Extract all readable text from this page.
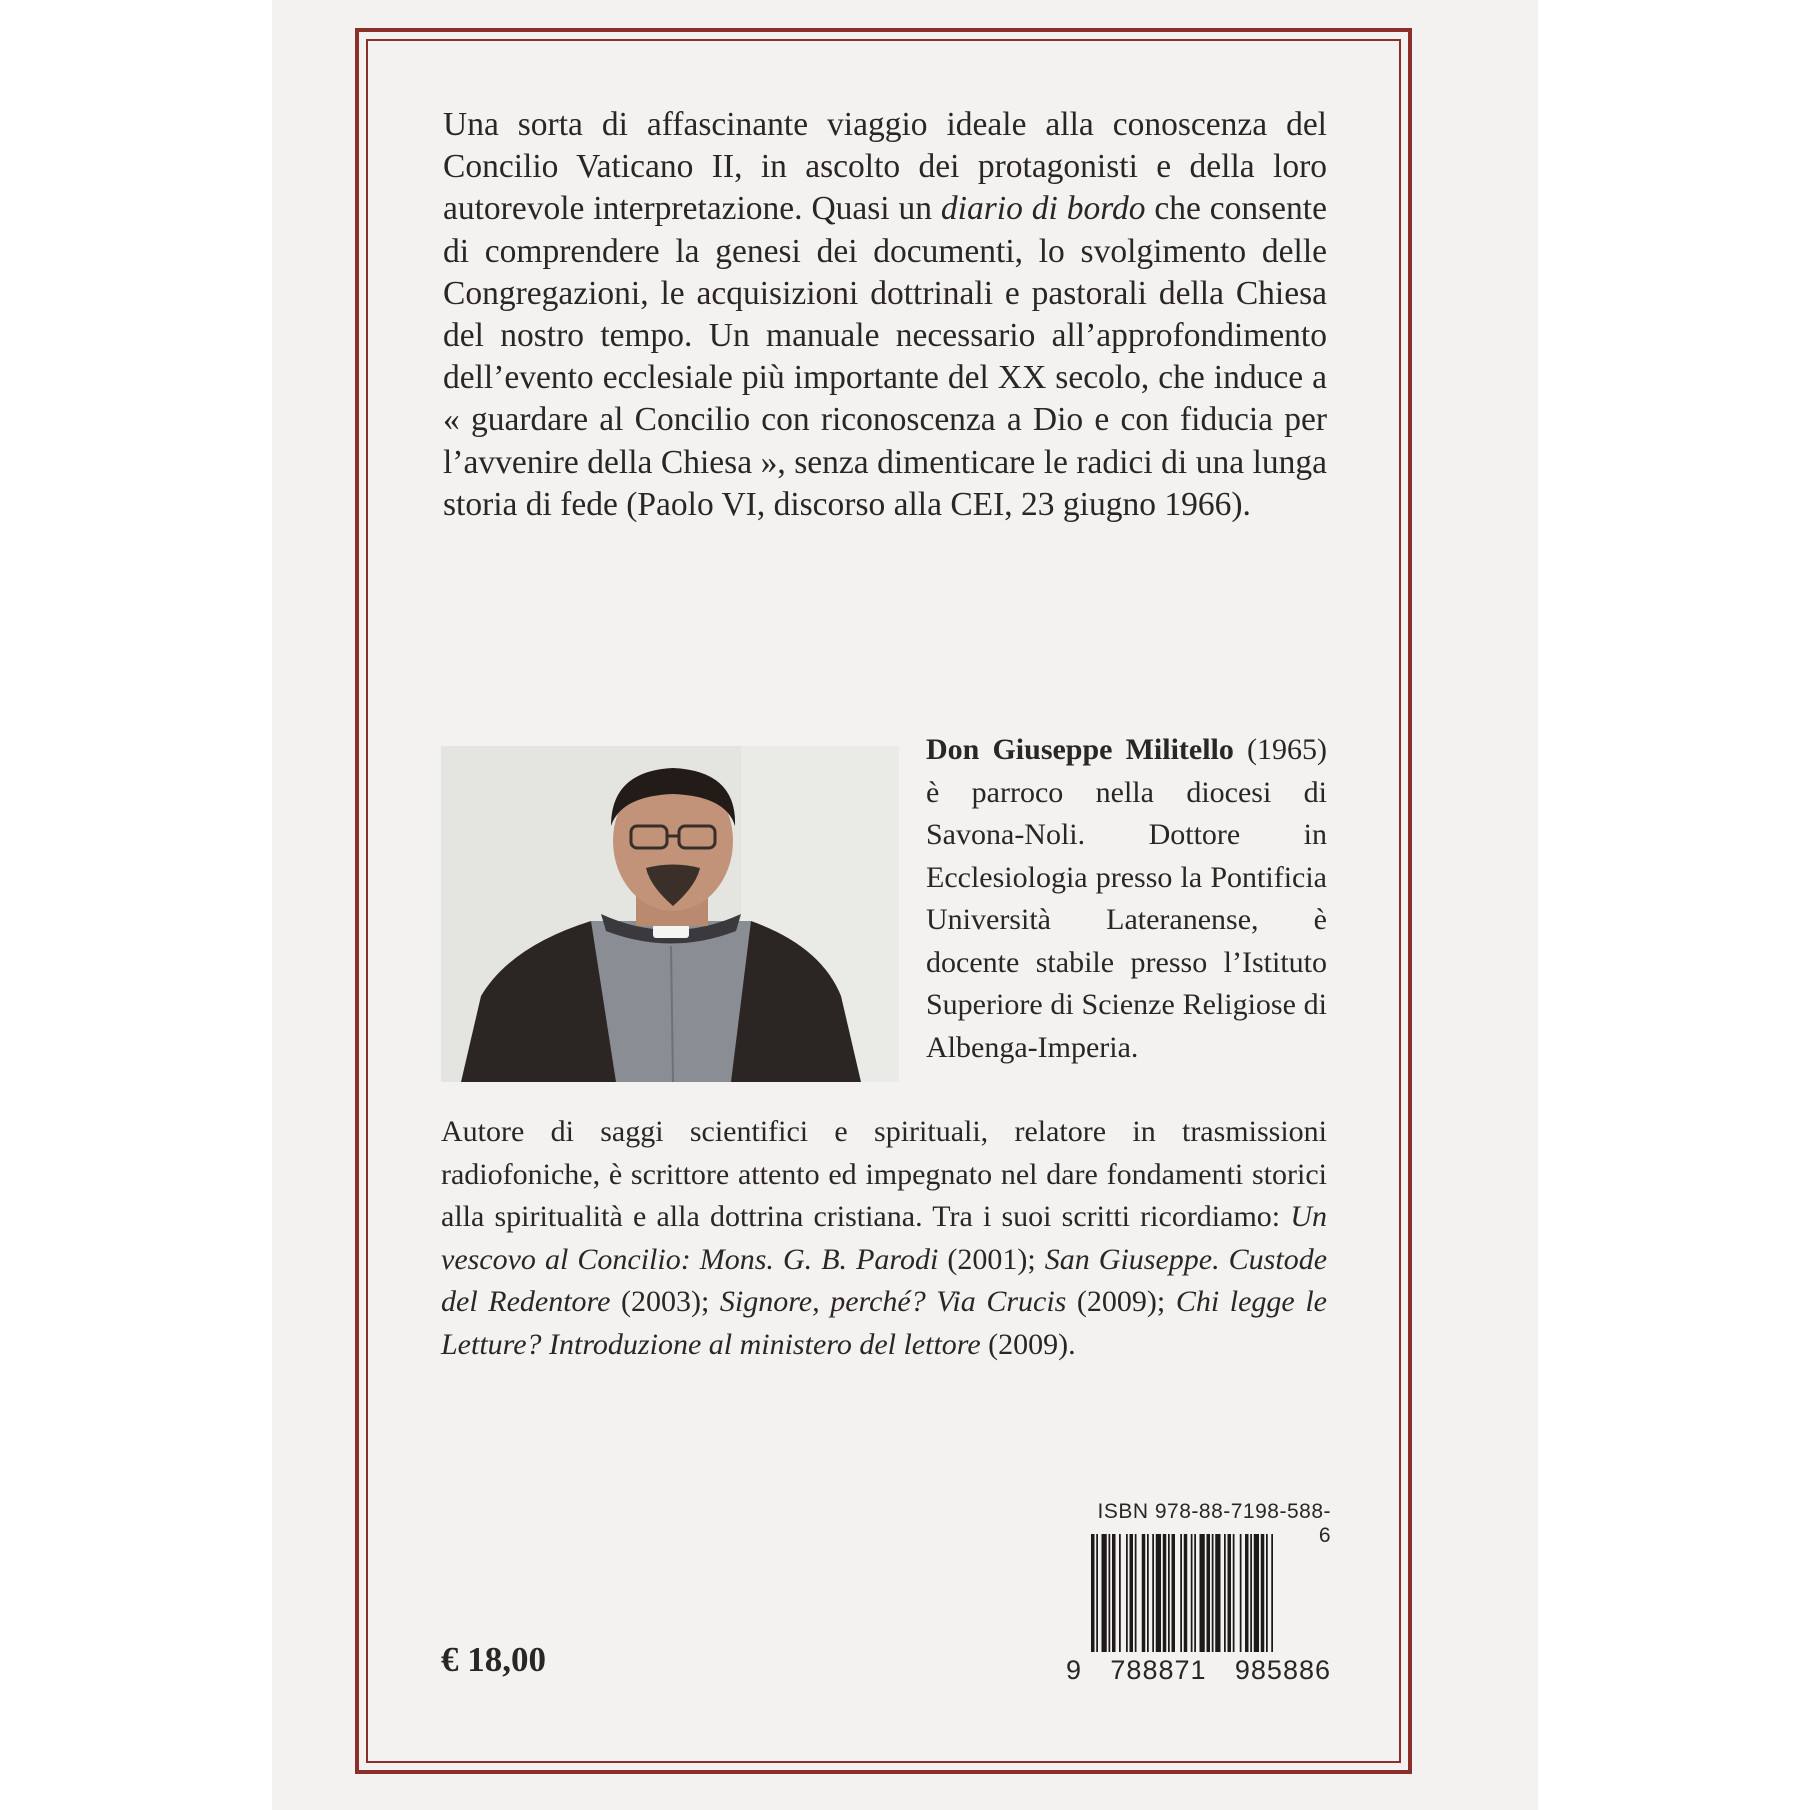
Una sorta di affascinante viaggio ideale alla conoscenza del Concilio Vaticano II, in ascolto dei protagonisti e della loro autorevole interpretazione. Quasi un diario di bordo che consente di comprendere la genesi dei documenti, lo svolgimento delle Congregazioni, le acquisizioni dottrinali e pastorali della Chiesa del nostro tempo. Un manuale necessario all’approfondimento dell’evento ecclesiale più importante del XX secolo, che induce a « guardare al Concilio con riconoscenza a Dio e con fiducia per l’avvenire della Chiesa », senza dimenticare le radici di una lunga storia di fede (Paolo VI, discorso alla CEI, 23 giugno 1966).

Don Giuseppe Militello (1965) è parroco nella diocesi di Savona-Noli. Dottore in Ecclesiologia presso la Pontificia Università Lateranense, è docente stabile presso l’Istituto Superiore di Scienze Religiose di Albenga-Imperia.

Autore di saggi scientifici e spirituali, relatore in trasmissioni radiofoniche, è scrittore attento ed impegnato nel dare fondamenti storici alla spiritualità e alla dottrina cristiana. Tra i suoi scritti ricordiamo: Un vescovo al Concilio: Mons. G. B. Parodi (2001); San Giuseppe. Custode del Redentore (2003); Signore, perché? Via Crucis (2009); Chi legge le Letture? Introduzione al ministero del lettore (2009).

ISBN 978-88-7198-588-6
9 788871 985886
€ 18,00
